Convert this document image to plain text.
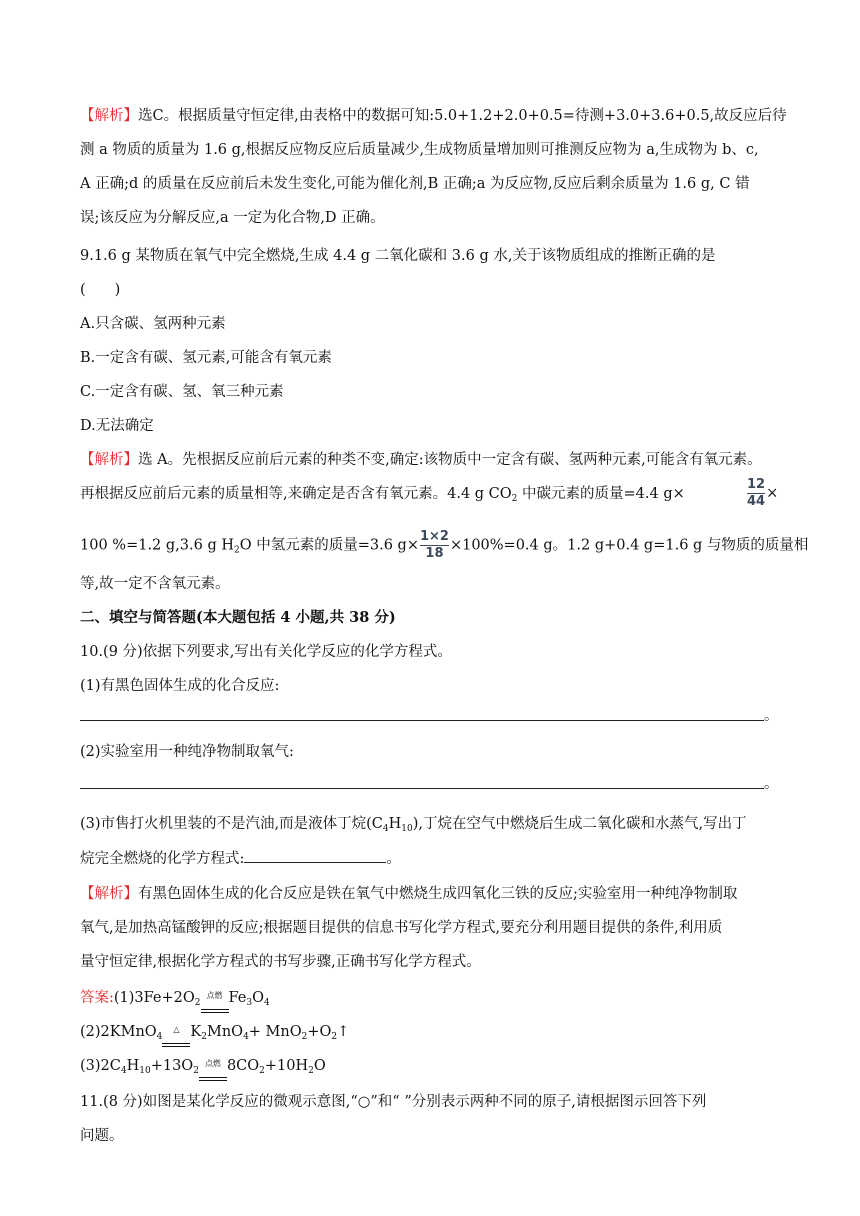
【解析】选C。根据质量守恒定律,由表格中的数据可知:5.0+1.2+2.0+0.5=待测+3.0+3.6+0.5,故反应后待
测 a 物质的质量为 1.6 g,根据反应物反应后质量减少,生成物质量增加则可推测反应物为 a,生成物为 b、c,
A 正确;d 的质量在反应前后未发生变化,可能为催化剂,B 正确;a 为反应物,反应后剩余质量为 1.6 g, C 错
误;该反应为分解反应,a 一定为化合物,D 正确。
9.1.6 g 某物质在氧气中完全燃烧,生成 4.4 g 二氧化碳和 3.6 g 水,关于该物质组成的推断正确的是
(　　)
A.只含碳、氢两种元素
B.一定含有碳、氢元素,可能含有氧元素
C.一定含有碳、氢、氧三种元素
D.无法确定
【解析】选 A。先根据反应前后元素的种类不变,确定:该物质中一定含有碳、氢两种元素,可能含有氧元素。
再根据反应前后元素的质量相等,来确定是否含有氧元素。4.4 g $CO_2$ 中碳元素的质量=4.4 g×	$\frac{12}{44}$ ×
100 %=1.2 g,3.6 g $H_2O$ 中氢元素的质量=3.6 $g\times \frac{1\times 2}{18} \times 100\%=0.4$ g。1.2 g+0.4 g=1.6 g 与物质的质量相
等,故一定不含氧元素。
二、填空与简答题(本大题包括 4 小题,共 38 分)
10.(9 分)依据下列要求,写出有关化学反应的化学方程式。
(1)有黑色固体生成的化合反应:
。
(2)实验室用一种纯净物制取氧气:
。
(3)市售打火机里装的不是汽油,而是液体丁烷$(C_4H_{10})$,丁烷在空气中燃烧后生成二氧化碳和水蒸气,写出丁
烷完全燃烧的化学方程式:	。
【解析】有黑色固体生成的化合反应是铁在氧气中燃烧生成四氧化三铁的反应;实验室用一种纯净物制取
氧气,是加热高锰酸钾的反应;根据题目提供的信息书写化学方程式,要充分利用题目提供的条件,利用质
量守恒定律,根据化学方程式的书写步骤,正确书写化学方程式。
答案$:(1)3Fe+2O_2$
点燃 $Fe_3O_4$
(2)2KMnO$_4$
△ $K_2MnO_4+$ $MnO_2+O_2↑$
$(3)2C_4H_{10}+13O_2$
点燃 $8CO_2+10H_2O$
11.(8 分)如图是某化学反应的微观示意图,“○”和“ ”分别表示两种不同的原子,请根据图示回答下列
问题。
